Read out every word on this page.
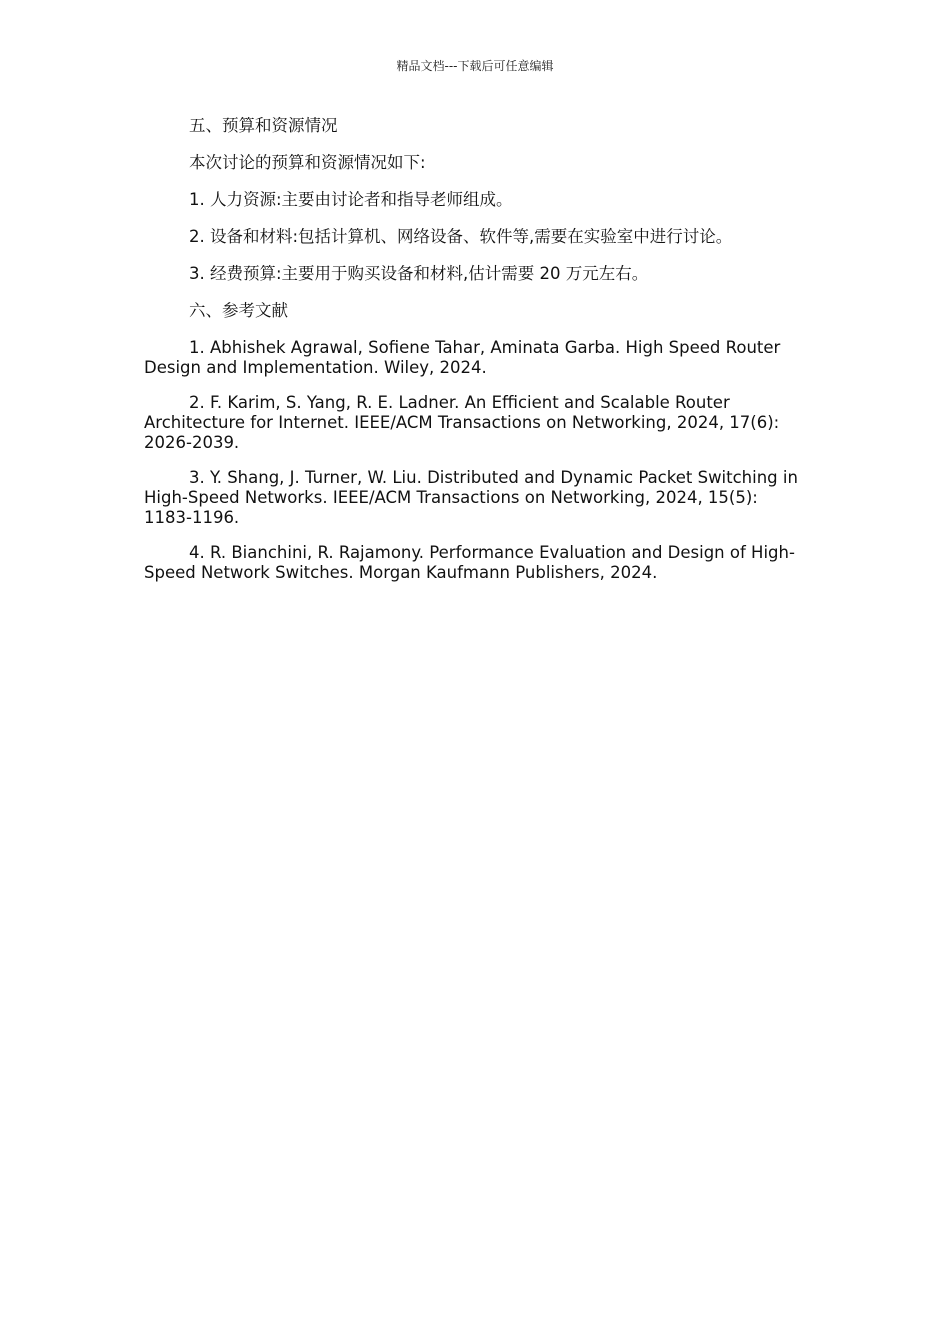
精品文档---下载后可任意编辑

五、预算和资源情况

本次讨论的预算和资源情况如下:

1. 人力资源:主要由讨论者和指导老师组成。

2. 设备和材料:包括计算机、网络设备、软件等,需要在实验室中进行讨论。

3. 经费预算:主要用于购买设备和材料,估计需要 20 万元左右。

六、参考文献

1. Abhishek Agrawal, Sofiene Tahar, Aminata Garba. High Speed Router Design and Implementation. Wiley, 2024.

2. F. Karim, S. Yang, R. E. Ladner. An Efficient and Scalable Router Architecture for Internet. IEEE/ACM Transactions on Networking, 2024, 17(6): 2026-2039.

3. Y. Shang, J. Turner, W. Liu. Distributed and Dynamic Packet Switching in High-Speed Networks. IEEE/ACM Transactions on Networking, 2024, 15(5): 1183-1196.

4. R. Bianchini, R. Rajamony. Performance Evaluation and Design of High-Speed Network Switches. Morgan Kaufmann Publishers, 2024.
